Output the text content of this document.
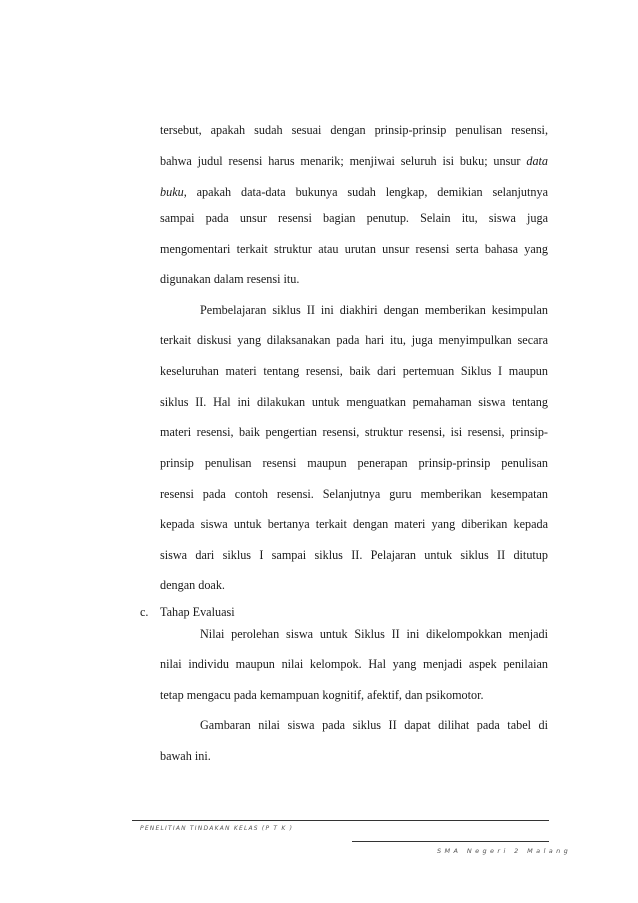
tersebut, apakah sudah sesuai dengan prinsip-prinsip penulisan resensi,
bahwa judul resensi harus menarik; menjiwai seluruh isi buku; unsur data
buku, apakah data-data bukunya sudah lengkap, demikian selanjutnya
sampai pada unsur resensi bagian penutup. Selain itu, siswa juga
mengomentari terkait struktur atau urutan unsur resensi serta bahasa yang
digunakan dalam resensi itu.
Pembelajaran siklus II ini diakhiri dengan memberikan kesimpulan
terkait diskusi yang dilaksanakan pada hari itu, juga menyimpulkan secara
keseluruhan materi tentang resensi, baik dari pertemuan Siklus I maupun
siklus II. Hal ini dilakukan untuk menguatkan pemahaman siswa tentang
materi resensi, baik pengertian resensi, struktur resensi, isi resensi, prinsip-
prinsip penulisan resensi maupun penerapan prinsip-prinsip penulisan
resensi pada contoh resensi. Selanjutnya guru memberikan kesempatan
kepada siswa untuk bertanya terkait dengan materi yang diberikan kepada
siswa dari siklus I sampai siklus II. Pelajaran untuk siklus II ditutup
dengan doak.
c. Tahap Evaluasi
Nilai perolehan siswa untuk Siklus II ini dikelompokkan menjadi
nilai individu maupun nilai kelompok. Hal yang menjadi aspek penilaian
tetap mengacu pada kemampuan kognitif, afektif, dan psikomotor.
Gambaran nilai siswa pada siklus II dapat dilihat pada tabel di
bawah ini.
PENELITIAN TINDAKAN KELAS (P T K )
SMA Negeri 2 Malang
